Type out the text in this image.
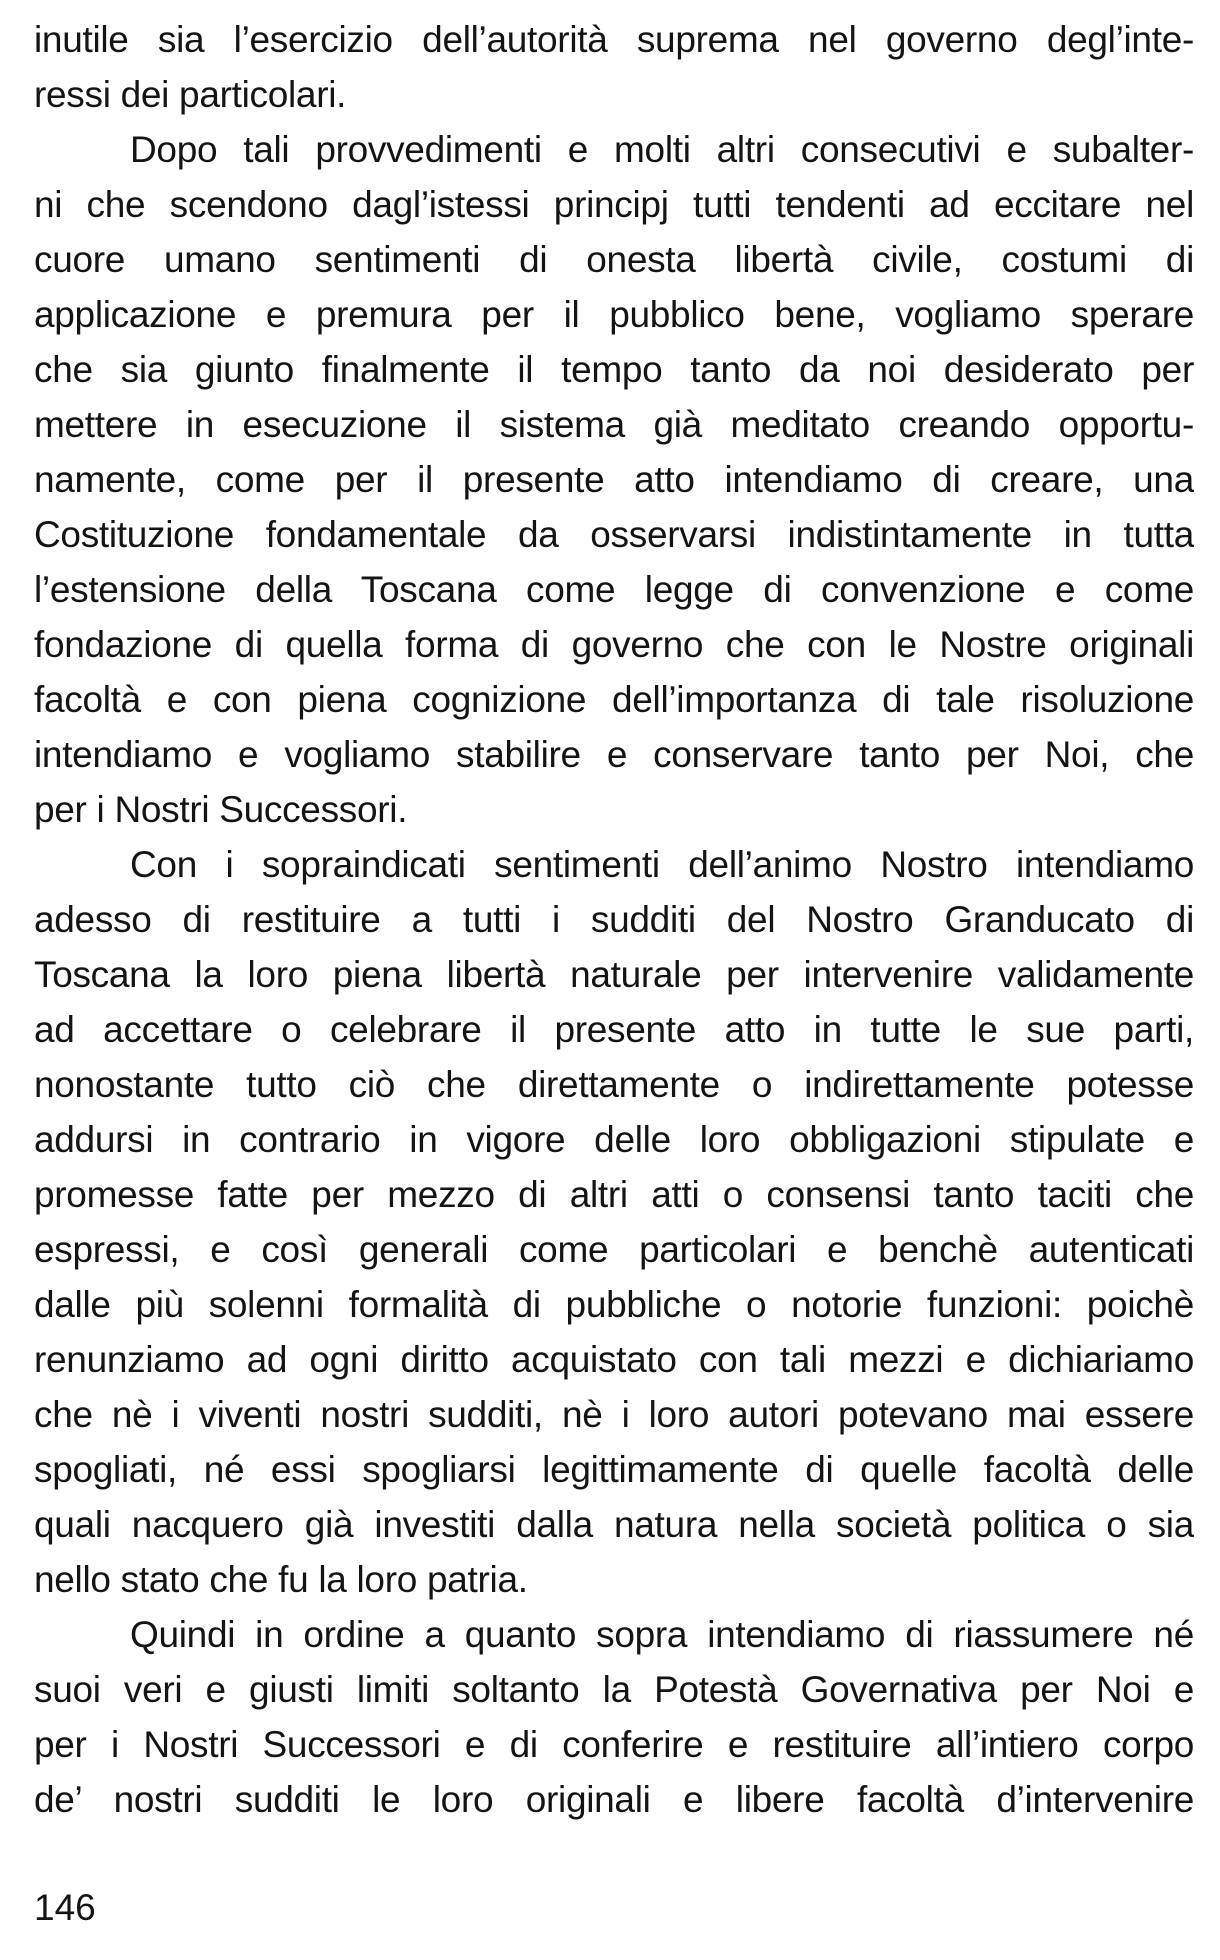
inutile sia l’esercizio dell’autorità suprema nel governo degl’inte-
ressi dei particolari.
Dopo tali provvedimenti e molti altri consecutivi e subalter-
ni che scendono dagl’istessi principj tutti tendenti ad eccitare nel
cuore umano sentimenti di onesta libertà civile, costumi di
applicazione e premura per il pubblico bene, vogliamo sperare
che sia giunto finalmente il tempo tanto da noi desiderato per
mettere in esecuzione il sistema già meditato creando opportu-
namente, come per il presente atto intendiamo di creare, una
Costituzione fondamentale da osservarsi indistintamente in tutta
l’estensione della Toscana come legge di convenzione e come
fondazione di quella forma di governo che con le Nostre originali
facoltà e con piena cognizione dell’importanza di tale risoluzione
intendiamo e vogliamo stabilire e conservare tanto per Noi, che
per i Nostri Successori.
Con i sopraindicati sentimenti dell’animo Nostro intendiamo
adesso di restituire a tutti i sudditi del Nostro Granducato di
Toscana la loro piena libertà naturale per intervenire validamente
ad accettare o celebrare il presente atto in tutte le sue parti,
nonostante tutto ciò che direttamente o indirettamente potesse
addursi in contrario in vigore delle loro obbligazioni stipulate e
promesse fatte per mezzo di altri atti o consensi tanto taciti che
espressi, e così generali come particolari e benchè autenticati
dalle più solenni formalità di pubbliche o notorie funzioni: poichè
renunziamo ad ogni diritto acquistato con tali mezzi e dichiariamo
che nè i viventi nostri sudditi, nè i loro autori potevano mai essere
spogliati, né essi spogliarsi legittimamente di quelle facoltà delle
quali nacquero già investiti dalla natura nella società politica o sia
nello stato che fu la loro patria.
Quindi in ordine a quanto sopra intendiamo di riassumere né
suoi veri e giusti limiti soltanto la Potestà Governativa per Noi e
per i Nostri Successori e di conferire e restituire all’intiero corpo
de’ nostri sudditi le loro originali e libere facoltà d’intervenire
146
